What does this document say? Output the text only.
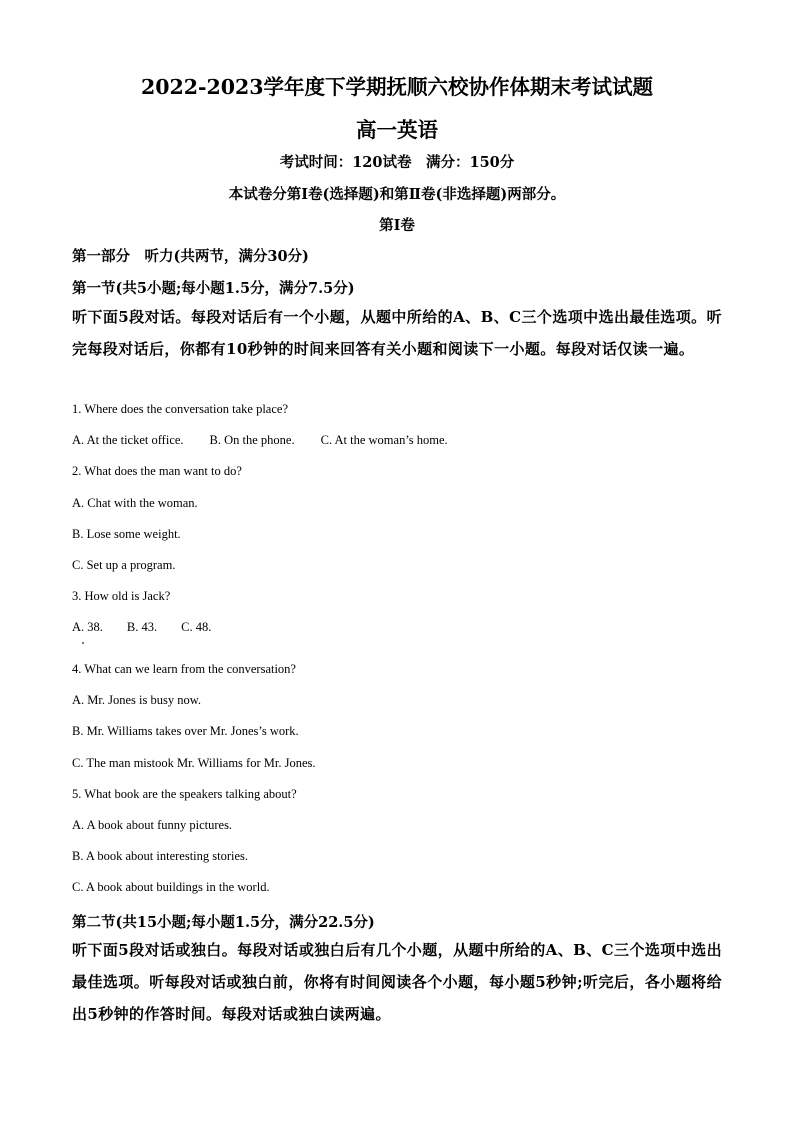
2022-2023学年度下学期抚顺六校协作体期末考试试题
高一英语
考试时间：120试卷　满分：150分
本试卷分第I卷(选择题)和第Ⅱ卷(非选择题)两部分。
第I卷
第一部分　听力(共两节，满分30分)
第一节(共5小题;每小题1.5分，满分7.5分)
听下面5段对话。每段对话后有一个小题，从题中所给的A、B、C三个选项中选出最佳选项。听完每段对话后，你都有10秒钟的时间来回答有关小题和阅读下一小题。每段对话仅读一遍。
1. Where does the conversation take place?
A. At the ticket office. B. On the phone. C. At the woman’s home.
2. What does the man want to do?
A. Chat with the woman.
B. Lose some weight.
C. Set up a program.
3. How old is Jack?
A. 38. B. 43. C. 48.
4. What can we learn from the conversation?
A. Mr. Jones is busy now.
B. Mr. Williams takes over Mr. Jones’s work.
C. The man mistook Mr. Williams for Mr. Jones.
5. What book are the speakers talking about?
A. A book about funny pictures.
B. A book about interesting stories.
C. A book about buildings in the world.
第二节(共15小题;每小题1.5分，满分22.5分)
听下面5段对话或独白。每段对话或独白后有几个小题，从题中所给的A、B、C三个选项中选出最佳选项。听每段对话或独白前，你将有时间阅读各个小题，每小题5秒钟;听完后，各小题将给出5秒钟的作答时间。每段对话或独白读两遍。
